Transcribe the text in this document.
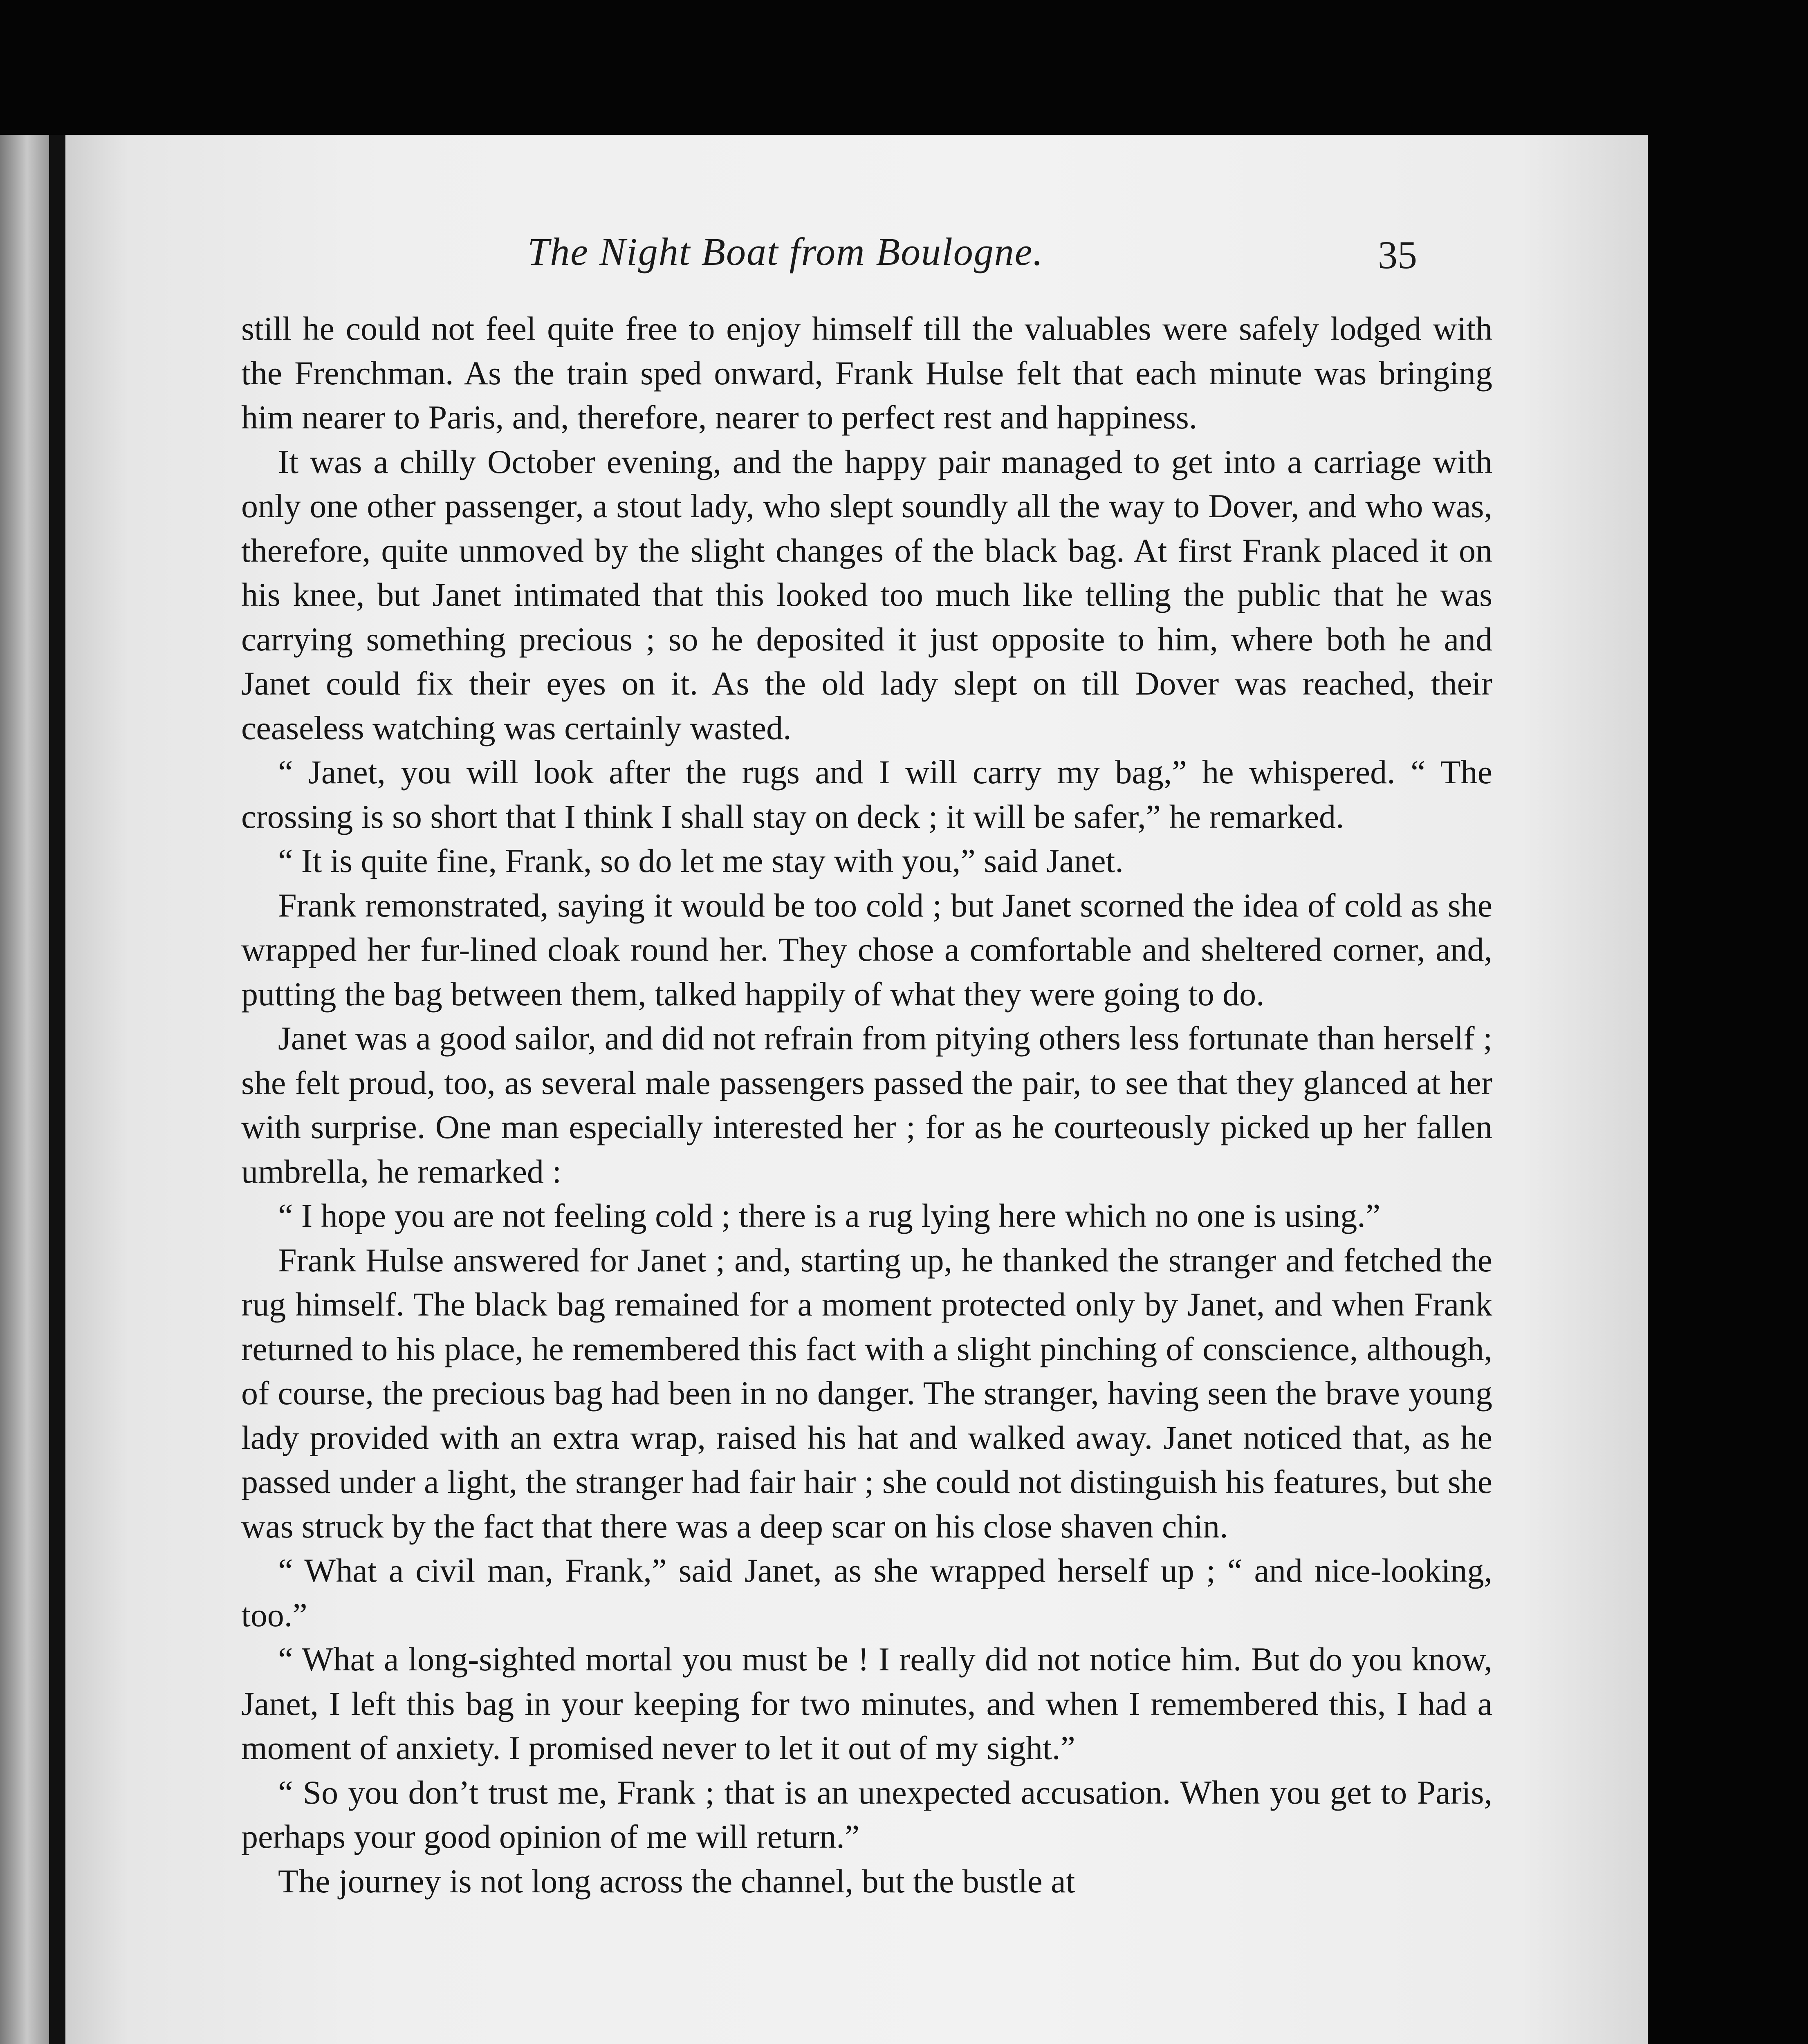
The Night Boat from Boulogne.	35

still he could not feel quite free to enjoy himself till the valuables were safely lodged with the Frenchman. As the train sped onward, Frank Hulse felt that each minute was bringing him nearer to Paris, and, therefore, nearer to perfect rest and happiness.

It was a chilly October evening, and the happy pair managed to get into a carriage with only one other passenger, a stout lady, who slept soundly all the way to Dover, and who was, therefore, quite unmoved by the slight changes of the black bag. At first Frank placed it on his knee, but Janet intimated that this looked too much like telling the public that he was carrying something precious ; so he deposited it just opposite to him, where both he and Janet could fix their eyes on it. As the old lady slept on till Dover was reached, their ceaseless watching was certainly wasted.

“ Janet, you will look after the rugs and I will carry my bag,” he whispered. “ The crossing is so short that I think I shall stay on deck ; it will be safer,” he remarked.

“ It is quite fine, Frank, so do let me stay with you,” said Janet.

Frank remonstrated, saying it would be too cold ; but Janet scorned the idea of cold as she wrapped her fur-lined cloak round her. They chose a comfortable and sheltered corner, and, putting the bag between them, talked happily of what they were going to do.

Janet was a good sailor, and did not refrain from pitying others less fortunate than herself ; she felt proud, too, as several male passengers passed the pair, to see that they glanced at her with surprise. One man especially interested her ; for as he courteously picked up her fallen umbrella, he remarked :

“ I hope you are not feeling cold ; there is a rug lying here which no one is using.”

Frank Hulse answered for Janet ; and, starting up, he thanked the stranger and fetched the rug himself. The black bag remained for a moment protected only by Janet, and when Frank returned to his place, he remembered this fact with a slight pinching of conscience, although, of course, the precious bag had been in no danger. The stranger, having seen the brave young lady provided with an extra wrap, raised his hat and walked away. Janet noticed that, as he passed under a light, the stranger had fair hair ; she could not distinguish his features, but she was struck by the fact that there was a deep scar on his close shaven chin.

“ What a civil man, Frank,” said Janet, as she wrapped herself up ; “ and nice-looking, too.”

“ What a long-sighted mortal you must be ! I really did not notice him. But do you know, Janet, I left this bag in your keeping for two minutes, and when I remembered this, I had a moment of anxiety. I promised never to let it out of my sight.”

“ So you don’t trust me, Frank ; that is an unexpected accusation. When you get to Paris, perhaps your good opinion of me will return.”

The journey is not long across the channel, but the bustle at
